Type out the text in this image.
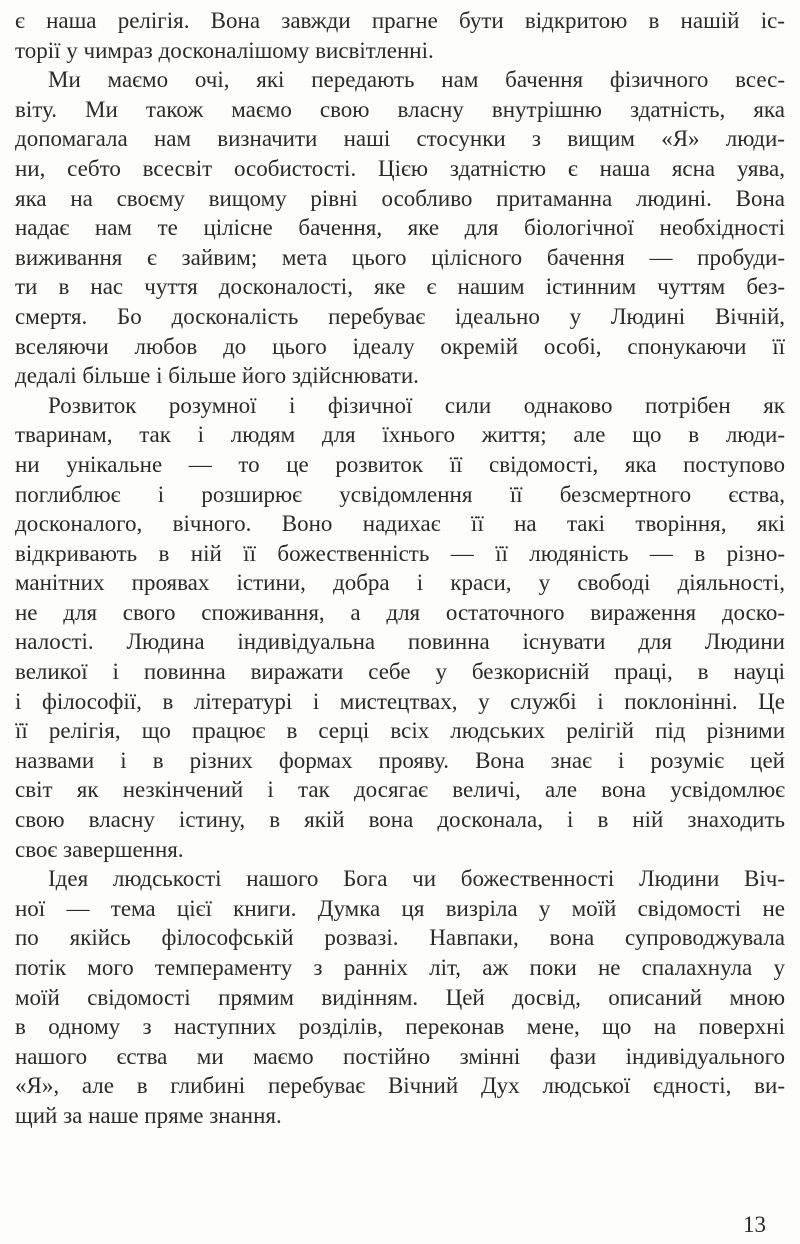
є наша релігія. Вона завжди прагне бути відкритою в нашій іс-
торії у чимраз досконалішому висвітленні.
Ми маємо очі, які передають нам бачення фізичного всес-
віту. Ми також маємо свою власну внутрішню здатність, яка
допомагала нам визначити наші стосунки з вищим «Я» люди-
ни, себто всесвіт особистості. Цією здатністю є наша ясна уява,
яка на своєму вищому рівні особливо притаманна людині. Вона
надає нам те цілісне бачення, яке для біологічної необхідності
виживання є зайвим; мета цього цілісного бачення — пробуди-
ти в нас чуття досконалості, яке є нашим істинним чуттям без-
смертя. Бо досконалість перебуває ідеально у Людині Вічній,
вселяючи любов до цього ідеалу окремій особі, спонукаючи її
дедалі більше і більше його здійснювати.
Розвиток розумної і фізичної сили однаково потрібен як
тваринам, так і людям для їхнього життя; але що в люди-
ни унікальне — то це розвиток її свідомості, яка поступово
поглиблює і розширює усвідомлення її безсмертного єства,
досконалого, вічного. Воно надихає її на такі творіння, які
відкривають в ній її божественність — її людяність — в різно-
манітних проявах істини, добра і краси, у свободі діяльності,
не для свого споживання, а для остаточного вираження доско-
налості. Людина індивідуальна повинна існувати для Людини
великої і повинна виражати себе у безкорисній праці, в науці
і філософії, в літературі і мистецтвах, у службі і поклонінні. Це
її релігія, що працює в серці всіх людських релігій під різними
назвами і в різних формах прояву. Вона знає і розуміє цей
світ як незкінчений і так досягає величі, але вона усвідомлює
свою власну істину, в якій вона досконала, і в ній знаходить
своє завершення.
Ідея людськості нашого Бога чи божественності Людини Віч-
ної — тема цієї книги. Думка ця визріла у моїй свідомості не
по якійсь філософській розвазі. Навпаки, вона супроводжувала
потік мого темпераменту з ранніх літ, аж поки не спалахнула у
моїй свідомості прямим видінням. Цей досвід, описаний мною
в одному з наступних розділів, переконав мене, що на поверхні
нашого єства ми маємо постійно змінні фази індивідуального
«Я», але в глибині перебуває Вічний Дух людської єдності, ви-
щий за наше пряме знання.
13
